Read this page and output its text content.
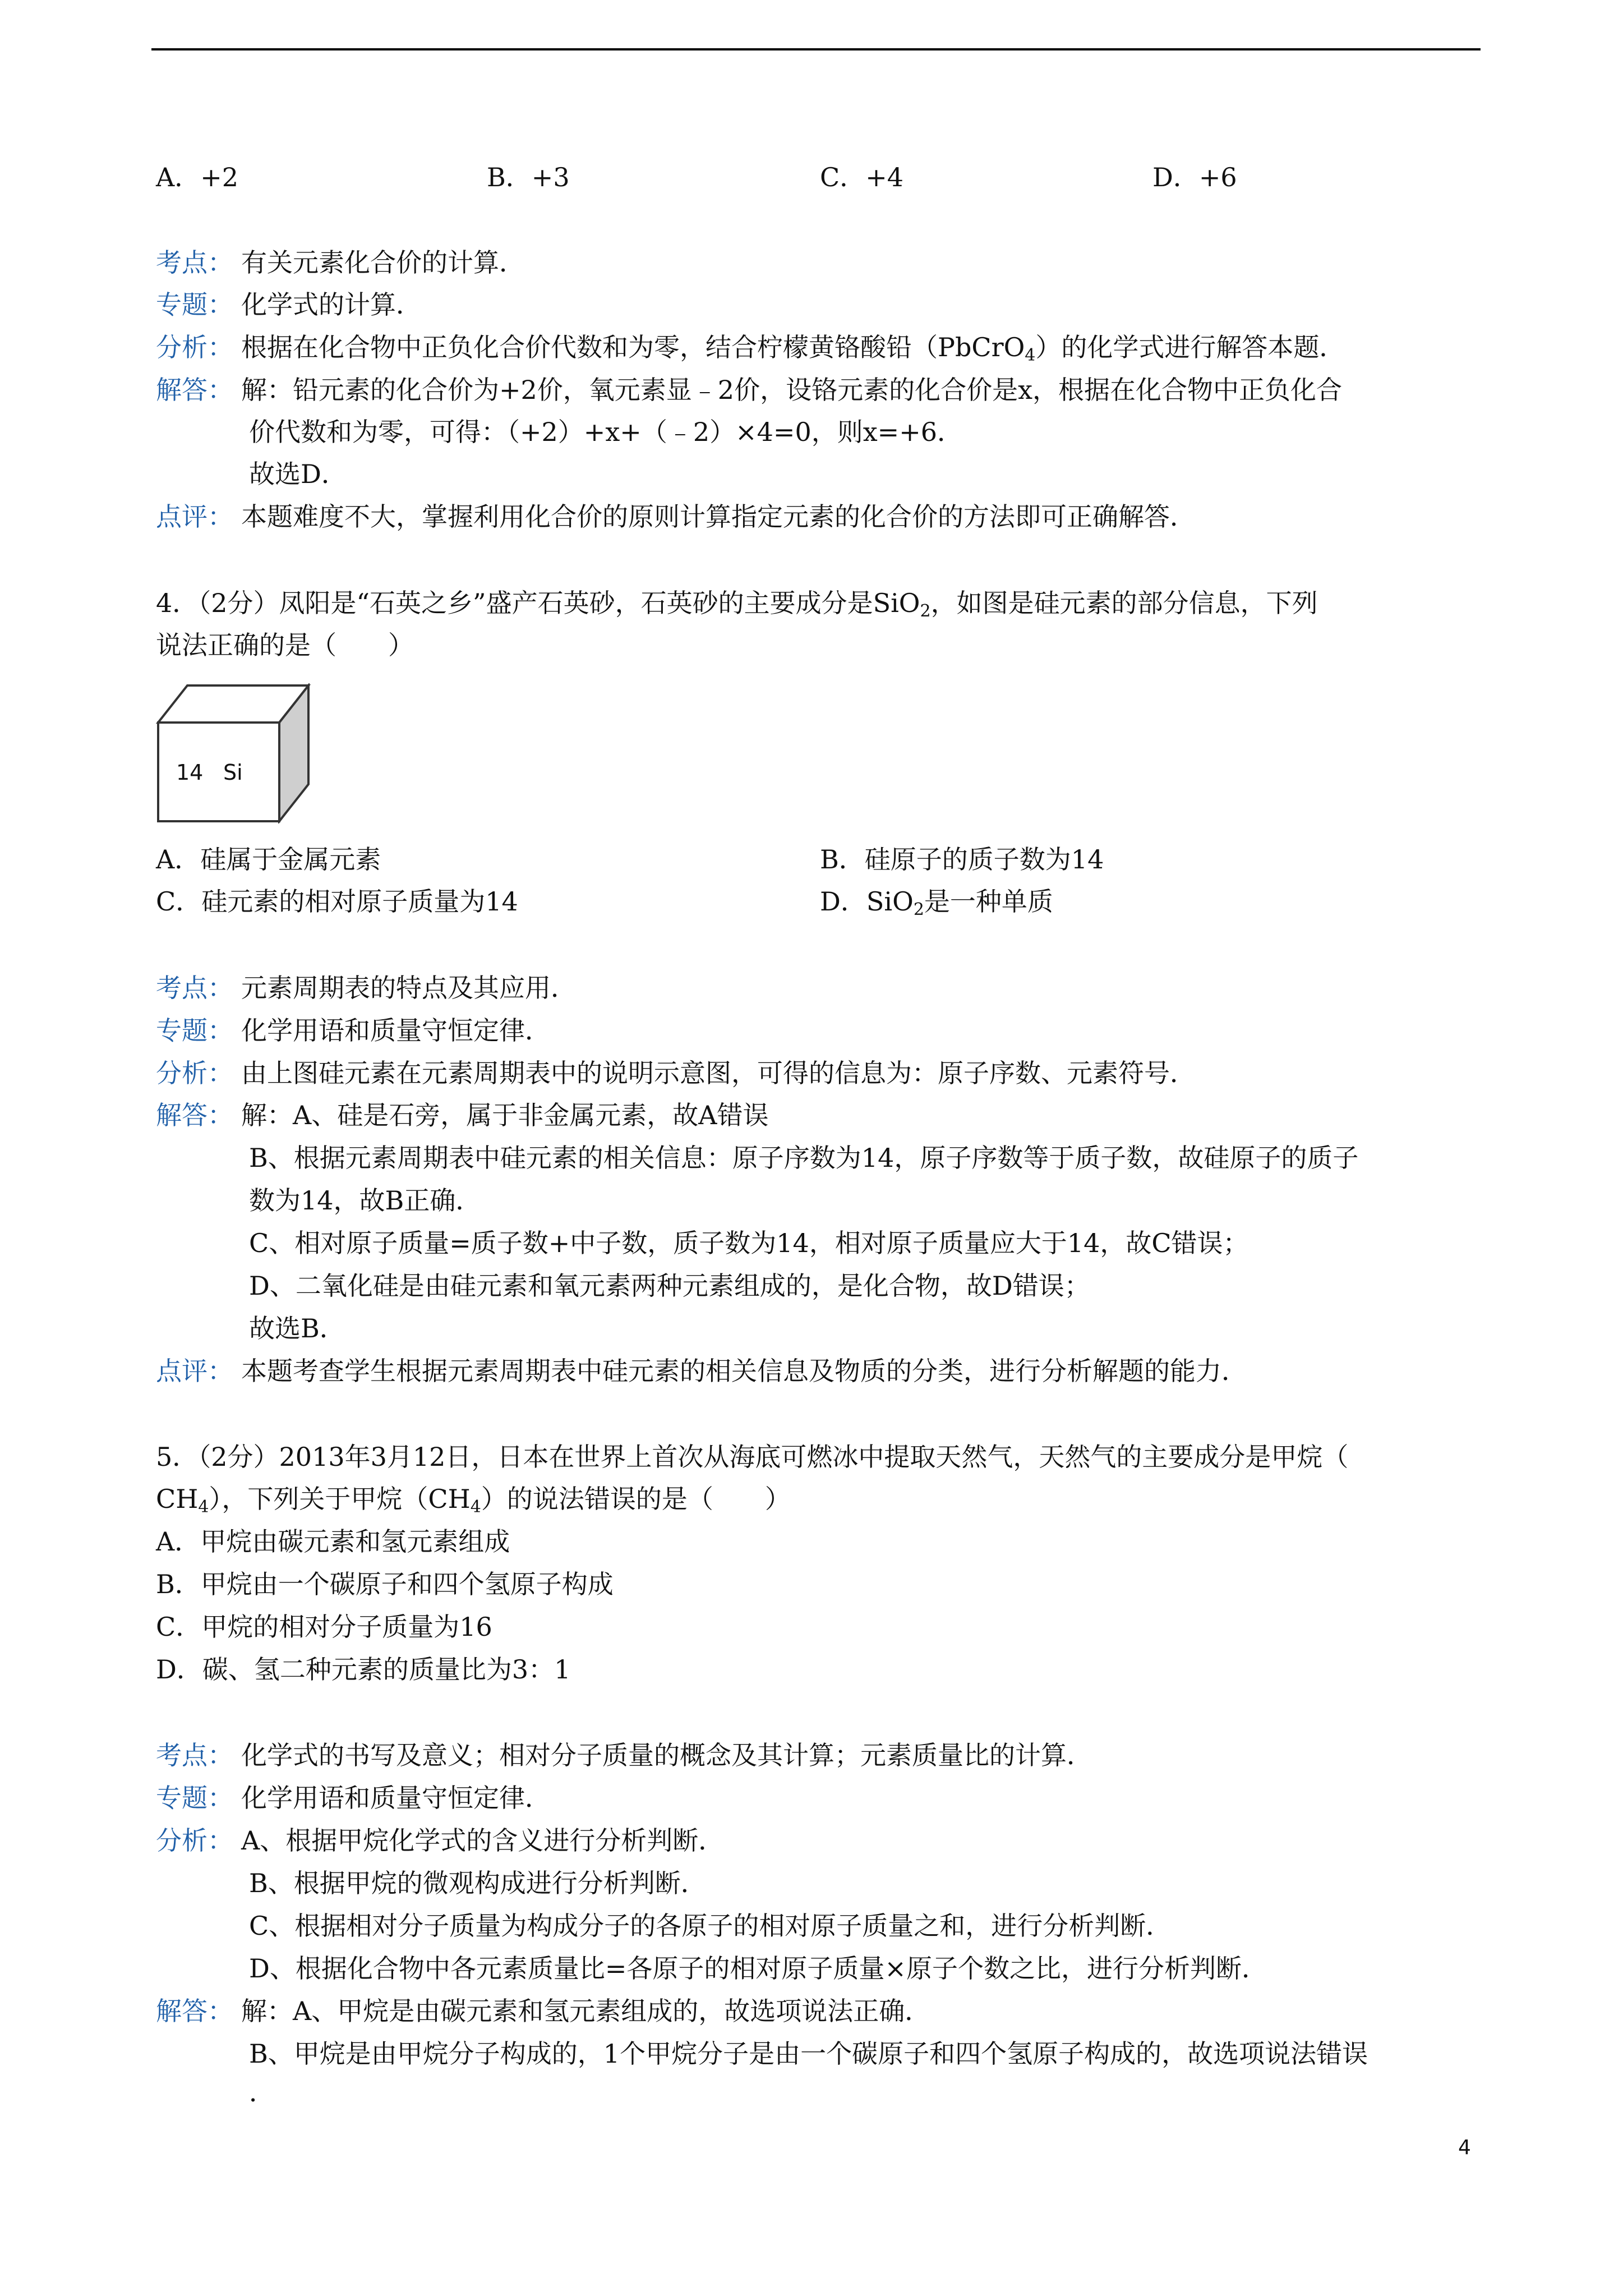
A．+2	B．+3	C．+4	D．+6
考点： 有关元素化合价的计算．
专题： 化学式的计算．
分析： 根据在化合物中正负化合价代数和为零，结合柠檬黄铬酸铅（PbCrO$_4$）的化学式进行解答本题．
解答： 解：铅元素的化合价为+2价，氧元素显﹣2价，设铬元素的化合价是x，根据在化合物中正负化合
价代数和为零，可得：（+2）+x+（﹣2）×4=0，则x=+6．
故选D．
点评： 本题难度不大，掌握利用化合价的原则计算指定元素的化合价的方法即可正确解答．
4．（2分）凤阳是“石英之乡”盛产石英砂，石英砂的主要成分是SiO$_2$，如图是硅元素的部分信息，下列
说法正确的是（　　）
14 Si
A．硅属于金属元素	B．硅原子的质子数为14
C．硅元素的相对原子质量为14	D．SiO$_2$是一种单质
考点： 元素周期表的特点及其应用．
专题： 化学用语和质量守恒定律．
分析： 由上图硅元素在元素周期表中的说明示意图，可得的信息为：原子序数、元素符号．
解答： 解：A、硅是石旁，属于非金属元素，故A错误
B、根据元素周期表中硅元素的相关信息：原子序数为14，原子序数等于质子数，故硅原子的质子
数为14，故B正确．
C、相对原子质量=质子数+中子数，质子数为14，相对原子质量应大于14，故C错误；
D、二氧化硅是由硅元素和氧元素两种元素组成的，是化合物，故D错误；
故选B．
点评： 本题考查学生根据元素周期表中硅元素的相关信息及物质的分类，进行分析解题的能力．
5．（2分）2013年3月12日，日本在世界上首次从海底可燃冰中提取天然气，天然气的主要成分是甲烷（
$CH_4$），下列关于甲烷$(CH_4)$的说法错误的是（　　）
A．甲烷由碳元素和氢元素组成
B．甲烷由一个碳原子和四个氢原子构成
C．甲烷的相对分子质量为16
D．碳、氢二种元素的质量比为3：1
考点： 化学式的书写及意义；相对分子质量的概念及其计算；元素质量比的计算．
专题： 化学用语和质量守恒定律．
分析： A、根据甲烷化学式的含义进行分析判断．
B、根据甲烷的微观构成进行分析判断．
C、根据相对分子质量为构成分子的各原子的相对原子质量之和，进行分析判断．
D、根据化合物中各元素质量比=各原子的相对原子质量×原子个数之比，进行分析判断．
解答： 解：A、甲烷是由碳元素和氢元素组成的，故选项说法正确．
B、甲烷是由甲烷分子构成的，1个甲烷分子是由一个碳原子和四个氢原子构成的，故选项说法错误
．
4
